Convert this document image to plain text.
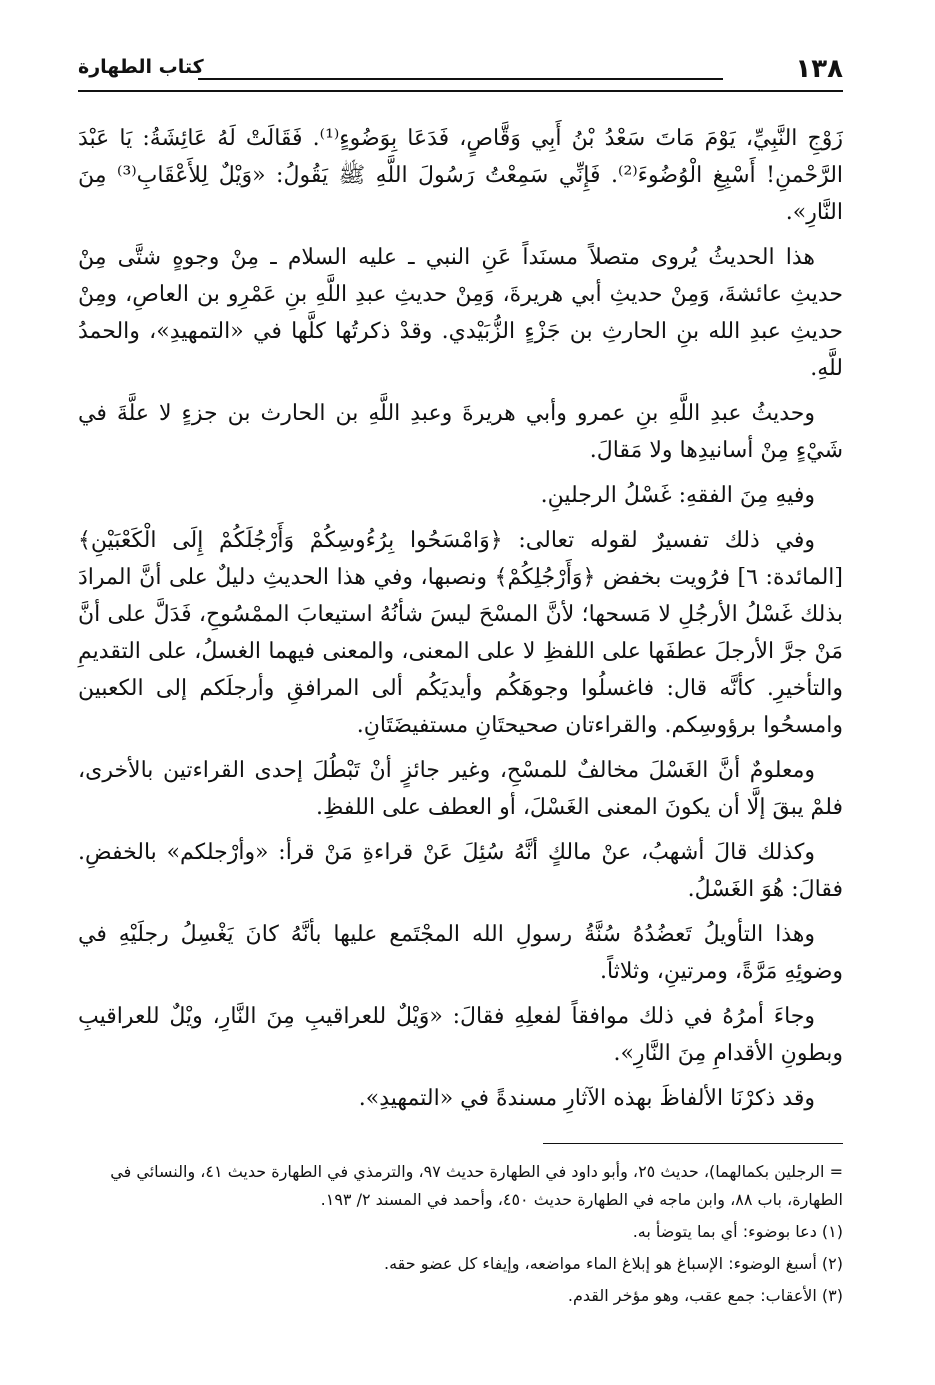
١٣٨
كتاب الطهارة

زَوْجِ النَّبِيِّ، يَوْمَ مَاتَ سَعْدُ بْنُ أَبِي وَقَّاصٍ، فَدَعَا بِوَضُوءٍ⁽¹⁾. فَقَالَتْ لَهُ عَائِشَةُ: يَا عَبْدَ الرَّحْمنِ! أَسْبِغِ الْوُضُوءَ⁽²⁾. فَإِنِّي سَمِعْتُ رَسُولَ اللَّهِ ﷺ يَقُولُ: «وَيْلٌ لِلأَعْقَابِ⁽³⁾ مِنَ النَّارِ».

هذا الحديثُ يُروى متصلاً مسنَداً عَنِ النبي ـ عليه السلام ـ مِنْ وجوهٍ شتَّى مِنْ حديثِ عائشةَ، وَمِنْ حديثِ أبي هريرةَ، وَمِنْ حديثِ عبدِ اللَّهِ بنِ عَمْرِو بن العاصِ، ومِنْ حديثِ عبدِ الله بنِ الحارثِ بن جَزْءٍ الزُّبَيْدي. وقدْ ذكرتُها كلَّها في «التمهيدِ»، والحمدُ للَّهِ.

وحديثُ عبدِ اللَّهِ بنِ عمرو وأبي هريرةَ وعبدِ اللَّهِ بن الحارث بن جزءٍ لا علَّةَ في شَيْءٍ مِنْ أسانيدِها ولا مَقالَ.

وفيهِ مِنَ الفقهِ: غَسْلُ الرجلينِ.

وفي ذلك تفسيرٌ لقوله تعالى: ﴿وَامْسَحُوا بِرُءُوسِكُمْ وَأَرْجُلَكُمْ إِلَى الْكَعْبَيْنِ﴾ [المائدة: ٦] فرُويت بخفض ﴿وَأَرْجُلِكُمْ﴾ ونصبها، وفي هذا الحديثِ دليلٌ على أنَّ المرادَ بذلك غَسْلُ الأرجُلِ لا مَسحها؛ لأنَّ المسْحَ ليسَ شأنُهُ استيعابَ الممْسُوحِ، فَدَلَّ على أنَّ مَنْ جرَّ الأرجلَ عطفَها على اللفظِ لا على المعنى، والمعنى فيهما الغسلُ، على التقديمِ والتأخيرِ. كأنَّه قال: فاغسلُوا وجوهَكُم وأيديَكُم ألى المرافقِ وأرجلَكم إلى الكعبين وامسحُوا برؤوسِكم. والقراءتان صحيحتَانِ مستفيضَتَانِ.

ومعلومٌ أنَّ الغَسْلَ مخالفٌ للمسْحِ، وغير جائزٍ أنْ تَبْطُلَ إحدى القراءتين بالأخرى، فلمْ يبقَ إلَّا أن يكونَ المعنى الغَسْلَ، أو العطف على اللفظِ.

وكذلك قالَ أشهبُ، عنْ مالكٍ أنَّهُ سُئِلَ عَنْ قراءةِ مَنْ قرأ: «وأرْجلكم» بالخفضِ. فقالَ: هُوَ الغَسْلُ.

وهذا التأويلُ تَعضُدُهُ سُنَّةُ رسولِ الله المجْتَمع عليها بأنَّهُ كانَ يَغْسِلُ رجلَيْهِ في وضوئِهِ مَرَّةً، ومرتينِ، وثلاثاً.

وجاءَ أمرُهُ في ذلك موافقاً لفعلِهِ فقالَ: «وَيْلٌ للعراقيبِ مِنَ النَّارِ، ويْلٌ للعراقيبِ وبطونِ الأقدامِ مِنَ النَّارِ».

وقد ذكرْنَا الألفاظَ بهذه الآثارِ مسندةً في «التمهيدِ».

= الرجلين بكمالهما)، حديث ٢٥، وأبو داود في الطهارة حديث ٩٧، والترمذي في الطهارة حديث ٤١، والنسائي في الطهارة، باب ٨٨، وابن ماجه في الطهارة حديث ٤٥٠، وأحمد في المسند ٢/ ١٩٣.

(١) دعا بوضوء: أي بما يتوضأ به.

(٢) أسبغ الوضوء: الإسباغ هو إبلاغ الماء مواضعه، وإيفاء كل عضو حقه.

(٣) الأعقاب: جمع عقب، وهو مؤخر القدم.
